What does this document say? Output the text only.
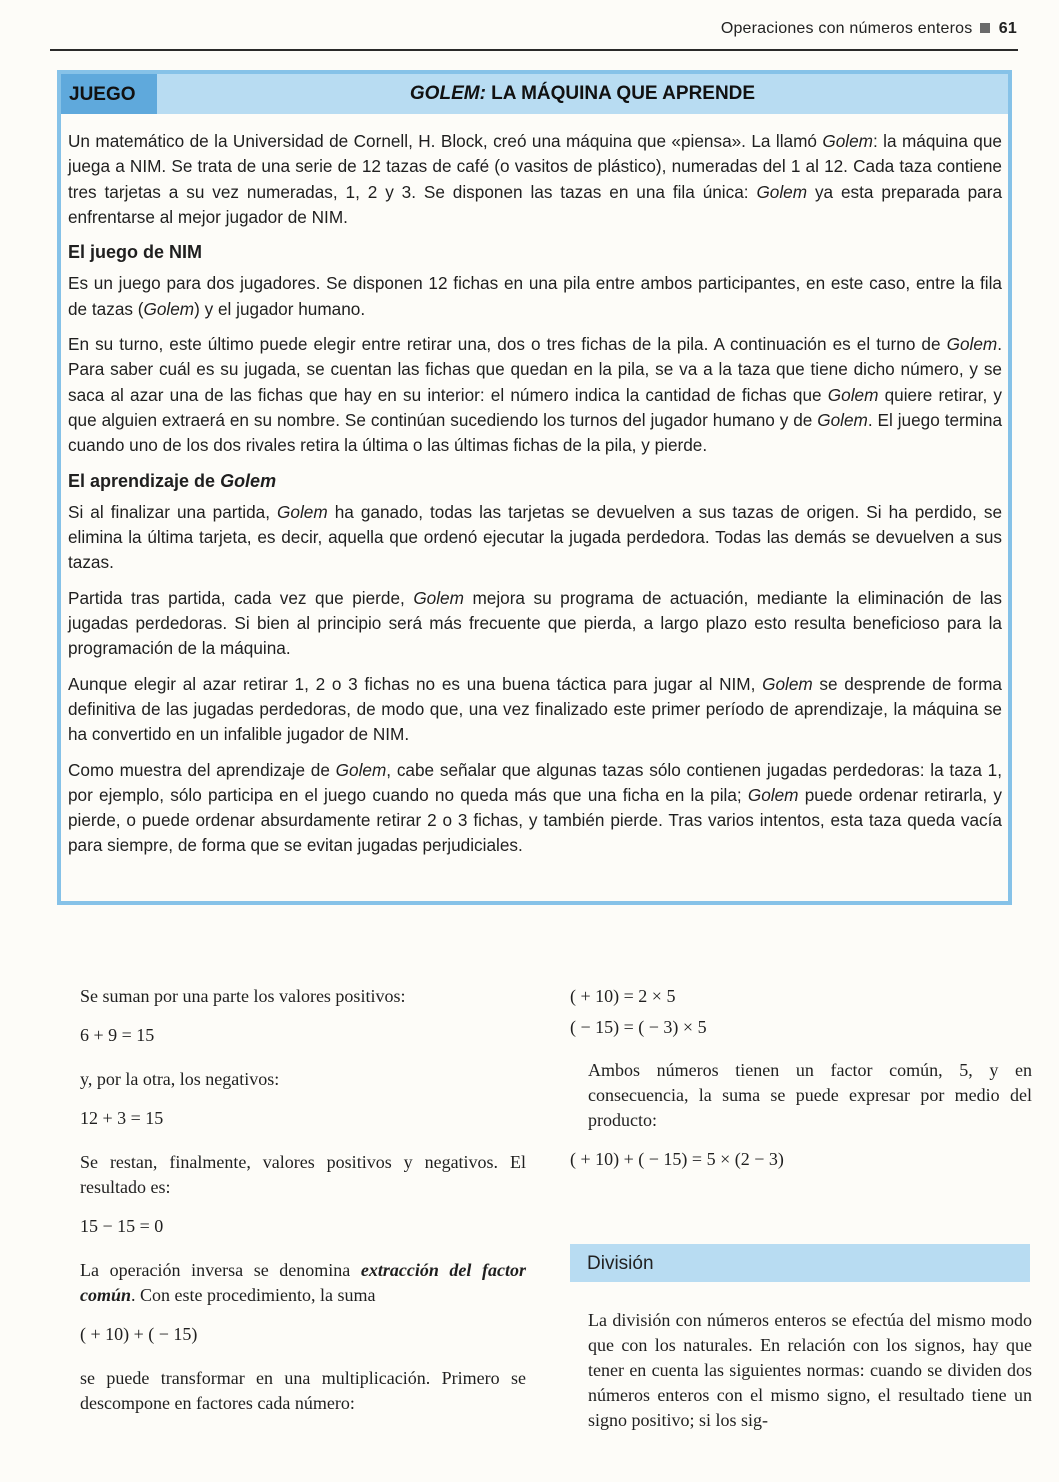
Operaciones con números enteros 61
JUEGO	GOLEM: LA MÁQUINA QUE APRENDE

Un matemático de la Universidad de Cornell, H. Block, creó una máquina que «piensa». La llamó Golem: la máquina que juega a NIM. Se trata de una serie de 12 tazas de café (o vasitos de plástico), numeradas del 1 al 12. Cada taza contiene tres tarjetas a su vez numeradas, 1, 2 y 3. Se disponen las tazas en una fila única: Golem ya esta preparada para enfrentarse al mejor jugador de NIM.

El juego de NIM

Es un juego para dos jugadores. Se disponen 12 fichas en una pila entre ambos participantes, en este caso, entre la fila de tazas (Golem) y el jugador humano.

En su turno, este último puede elegir entre retirar una, dos o tres fichas de la pila. A continuación es el turno de Golem. Para saber cuál es su jugada, se cuentan las fichas que quedan en la pila, se va a la taza que tiene dicho número, y se saca al azar una de las fichas que hay en su interior: el número indica la cantidad de fichas que Golem quiere retirar, y que alguien extraerá en su nombre. Se continúan sucediendo los turnos del jugador humano y de Golem. El juego termina cuando uno de los dos rivales retira la última o las últimas fichas de la pila, y pierde.

El aprendizaje de Golem

Si al finalizar una partida, Golem ha ganado, todas las tarjetas se devuelven a sus tazas de origen. Si ha perdido, se elimina la última tarjeta, es decir, aquella que ordenó ejecutar la jugada perdedora. Todas las demás se devuelven a sus tazas.

Partida tras partida, cada vez que pierde, Golem mejora su programa de actuación, mediante la eliminación de las jugadas perdedoras. Si bien al principio será más frecuente que pierda, a largo plazo esto resulta beneficioso para la programación de la máquina.

Aunque elegir al azar retirar 1, 2 o 3 fichas no es una buena táctica para jugar al NIM, Golem se desprende de forma definitiva de las jugadas perdedoras, de modo que, una vez finalizado este primer período de aprendizaje, la máquina se ha convertido en un infalible jugador de NIM.

Como muestra del aprendizaje de Golem, cabe señalar que algunas tazas sólo contienen jugadas perdedoras: la taza 1, por ejemplo, sólo participa en el juego cuando no queda más que una ficha en la pila; Golem puede ordenar retirarla, y pierde, o puede ordenar absurdamente retirar 2 o 3 fichas, y también pierde. Tras varios intentos, esta taza queda vacía para siempre, de forma que se evitan jugadas perjudiciales.

Se suman por una parte los valores positivos:

6 + 9 = 15

y, por la otra, los negativos:

12 + 3 = 15

Se restan, finalmente, valores positivos y negativos. El resultado es:

15 − 15 = 0

La operación inversa se denomina extracción del factor común. Con este procedimiento, la suma

( + 10) + ( − 15)

se puede transformar en una multiplicación. Primero se descompone en factores cada número:

( + 10) = 2 × 5

( − 15) = ( − 3) × 5

Ambos números tienen un factor común, 5, y en consecuencia, la suma se puede expresar por medio del producto:

( + 10) + ( − 15) = 5 × (2 − 3)

La división con números enteros se efectúa del mismo modo que con los naturales. En relación con los signos, hay que tener en cuenta las siguientes normas: cuando se dividen dos números enteros con el mismo signo, el resultado tiene un signo positivo; si los sig-

División
